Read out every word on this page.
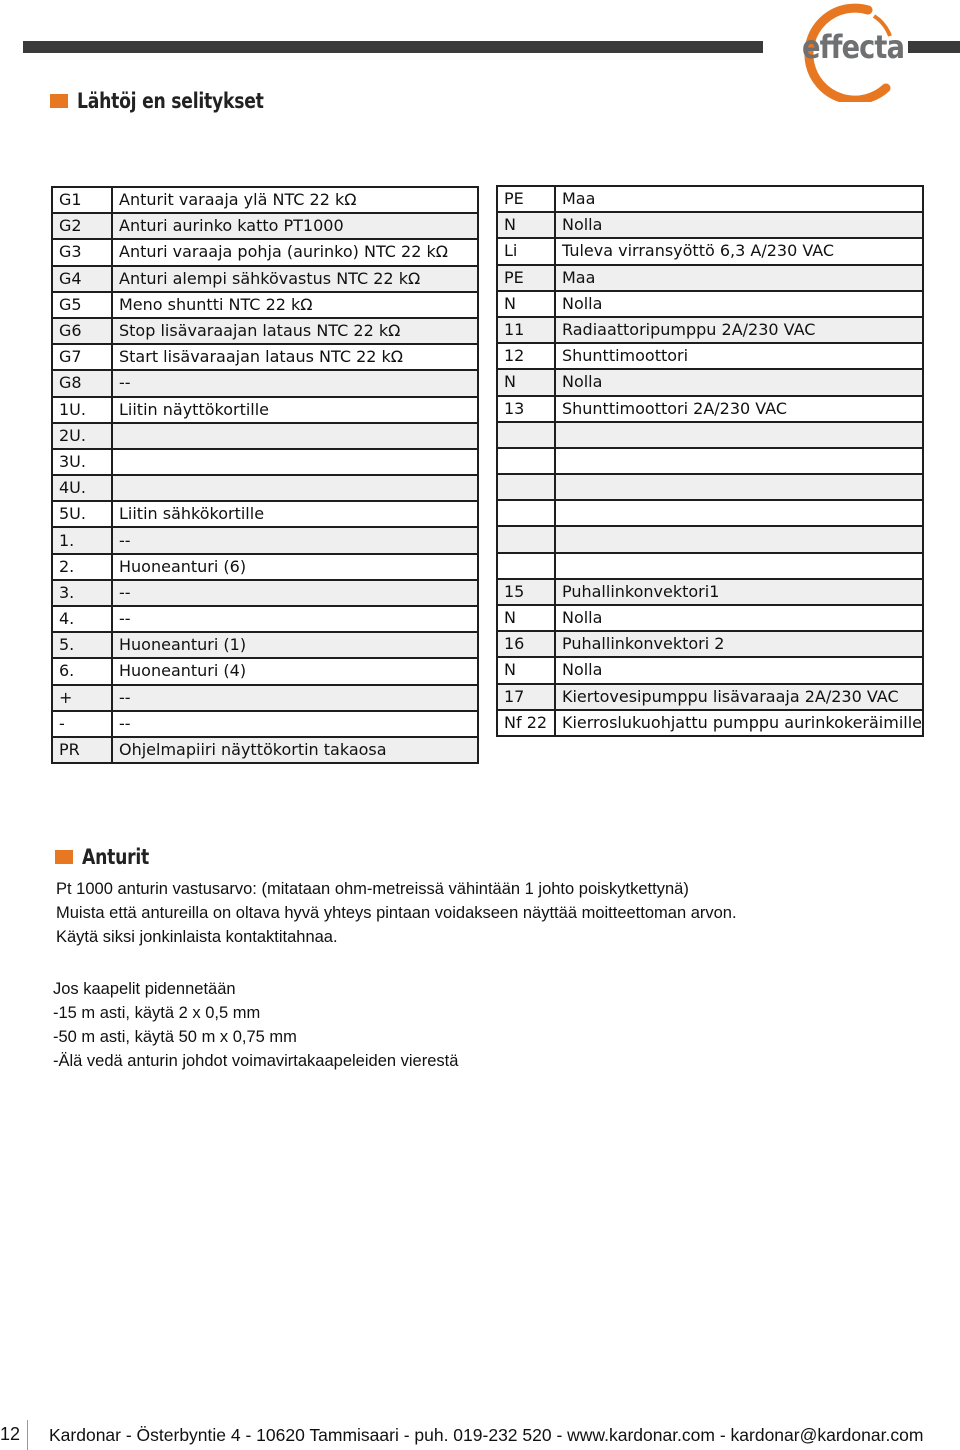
effecta
Lähtöj en selitykset
G1	Anturit varaaja ylä NTC 22 kΩ
G2	Anturi aurinko katto PT1000
G3	Anturi varaaja pohja (aurinko) NTC 22 kΩ
G4	Anturi alempi sähkövastus NTC 22 kΩ
G5	Meno shuntti NTC 22 kΩ
G6	Stop lisävaraajan lataus NTC 22 kΩ
G7	Start lisävaraajan lataus NTC 22 kΩ
G8	--
1U.	Liitin näyttökortille
2U.	
3U.	
4U.	
5U.	Liitin sähkökortille
1.	--
2.	Huoneanturi (6)
3.	--
4.	--
5.	Huoneanturi (1)
6.	Huoneanturi (4)
+	--
-	--
PR	Ohjelmapiiri näyttökortin takaosa
PE	Maa
N	Nolla
Li	Tuleva virransyöttö 6,3 A/230 VAC
PE	Maa
N	Nolla
11	Radiaattoripumppu 2A/230 VAC
12	Shunttimoottori
N	Nolla
13	Shunttimoottori 2A/230 VAC

15	Puhallinkonvektori1
N	Nolla
16	Puhallinkonvektori 2
N	Nolla
17	Kiertovesipumppu lisävaraaja 2A/230 VAC
Nf 22	Kierroslukuohjattu pumppu aurinkokeräimille
Anturit
Pt 1000 anturin vastusarvo: (mitataan ohm-metreissä vähintään 1 johto poiskytkettynä)
Muista että antureilla on oltava hyvä yhteys pintaan voidakseen näyttää moitteettoman arvon.
Käytä siksi jonkinlaista kontaktitahnaa.
Jos kaapelit pidennetään
-15 m asti, käytä 2 x 0,5 mm
-50 m asti, käytä 50 m x 0,75 mm
-Älä vedä anturin johdot voimavirtakaapeleiden vierestä
12 Kardonar - Österbyntie 4 - 10620 Tammisaari - puh. 019-232 520 - www.kardonar.com - kardonar@kardonar.com
